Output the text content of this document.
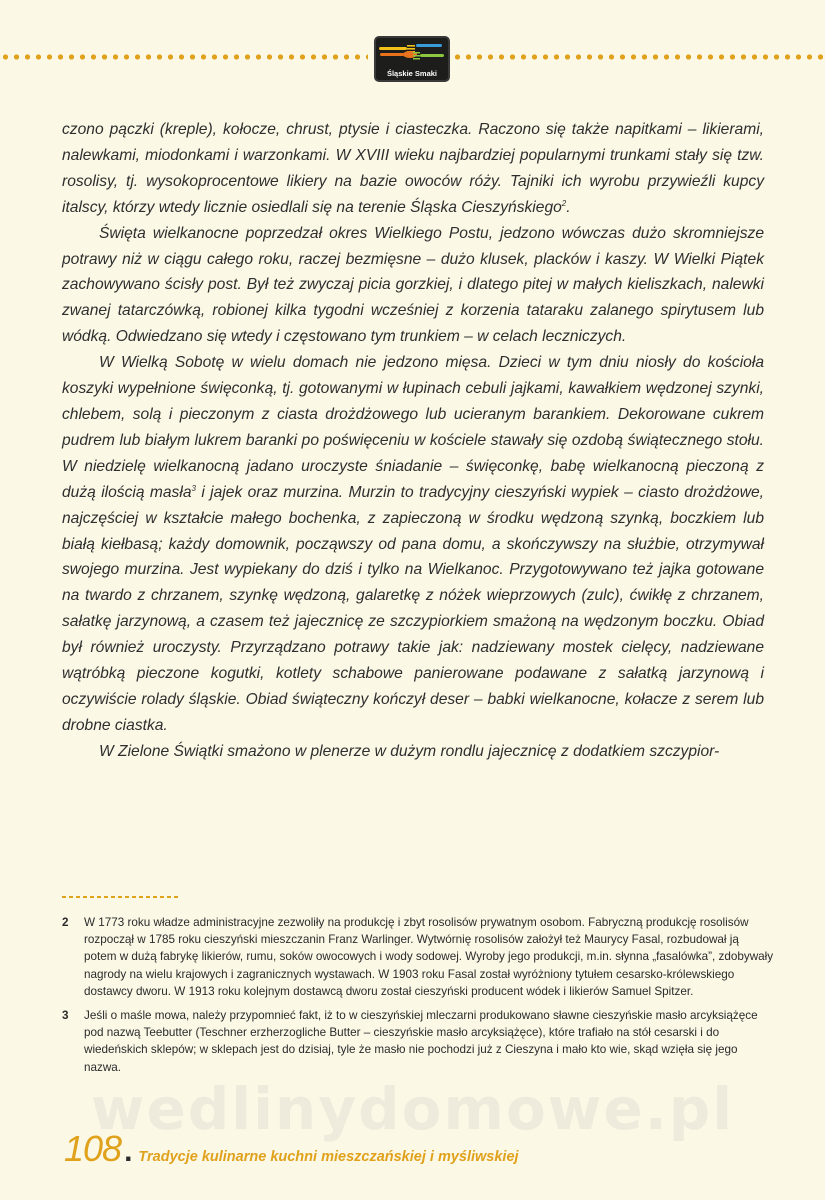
Śląskie Smaki

czono pączki (kreple), kołocze, chrust, ptysie i ciasteczka. Raczono się także napitkami – likierami, nalewkami, miodonkami i warzonkami. W XVIII wieku najbardziej popularnymi trunkami stały się tzw. rosolisy, tj. wysokoprocentowe likiery na bazie owoców róży. Tajniki ich wyrobu przywieźli kupcy italscy, którzy wtedy licznie osiedlali się na terenie Śląska Cieszyńskiego$^2$.

Święta wielkanocne poprzedzał okres Wielkiego Postu, jedzono wówczas dużo skromniejsze potrawy niż w ciągu całego roku, raczej bezmięsne – dużo klusek, placków i kaszy. W Wielki Piątek zachowywano ścisły post. Był też zwyczaj picia gorzkiej, i dlatego pitej w małych kieliszkach, nalewki zwanej tatarczówką, robionej kilka tygodni wcześniej z korzenia tataraku zalanego spirytusem lub wódką. Odwiedzano się wtedy i częstowano tym trunkiem – w celach leczniczych.

W Wielką Sobotę w wielu domach nie jedzono mięsa. Dzieci w tym dniu niosły do kościoła koszyki wypełnione święconką, tj. gotowanymi w łupinach cebuli jajkami, kawałkiem wędzonej szynki, chlebem, solą i pieczonym z ciasta drożdżowego lub ucieranym barankiem. Dekorowane cukrem pudrem lub białym lukrem baranki po poświęceniu w kościele stawały się ozdobą świątecznego stołu. W niedzielę wielkanocną jadano uroczyste śniadanie – święconkę, babę wielkanocną pieczoną z dużą ilością masła$^3$ i jajek oraz murzina. Murzin to tradycyjny cieszyński wypiek – ciasto drożdżowe, najczęściej w kształcie małego bochenka, z zapieczoną w środku wędzoną szynką, boczkiem lub białą kiełbasą; każdy domownik, począwszy od pana domu, a skończywszy na służbie, otrzymywał swojego murzina. Jest wypiekany do dziś i tylko na Wielkanoc. Przygotowywano też jajka gotowane na twardo z chrzanem, szynkę wędzoną, galaretkę z nóżek wieprzowych (zulc), ćwikłę z chrzanem, sałatkę jarzynową, a czasem też jajecznicę ze szczypiorkiem smażoną na wędzonym boczku. Obiad był również uroczysty. Przyrządzano potrawy takie jak: nadziewany mostek cielęcy, nadziewane wątróbką pieczone kogutki, kotlety schabowe panierowane podawane z sałatką jarzynową i oczywiście rolady śląskie. Obiad świąteczny kończył deser – babki wielkanocne, kołacze z serem lub drobne ciastka.

W Zielone Świątki smażono w plenerze w dużym rondlu jajecznicę z dodatkiem szczypior-

2	W 1773 roku władze administracyjne zezwoliły na produkcję i zbyt rosolisów prywatnym osobom. Fabryczną produkcję rosolisów rozpoczął w 1785 roku cieszyński mieszczanin Franz Warlinger. Wytwórnię rosolisów założył też Maurycy Fasal, rozbudował ją potem w dużą fabrykę likierów, rumu, soków owocowych i wody sodowej. Wyroby jego produkcji, m.in. słynna „fasalówka”, zdobywały nagrody na wielu krajowych i zagranicznych wystawach. W 1903 roku Fasal został wyróżniony tytułem cesarsko-królewskiego dostawcy dworu. W 1913 roku kolejnym dostawcą dworu został cieszyński producent wódek i likierów Samuel Spitzer.
3	Jeśli o maśle mowa, należy przypomnieć fakt, iż to w cieszyńskiej mleczarni produkowano sławne cieszyńskie masło arcyksiążęce pod nazwą Teebutter (Teschner erzherzogliche Butter – cieszyńskie masło arcyksiążęce), które trafiało na stół cesarski i do wiedeńskich sklepów; w sklepach jest do dzisiaj, tyle że masło nie pochodzi już z Cieszyna i mało kto wie, skąd wzięła się jego nazwa.
wedlinydomowe.pl
108 . Tradycje kulinarne kuchni mieszczańskiej i myśliwskiej
